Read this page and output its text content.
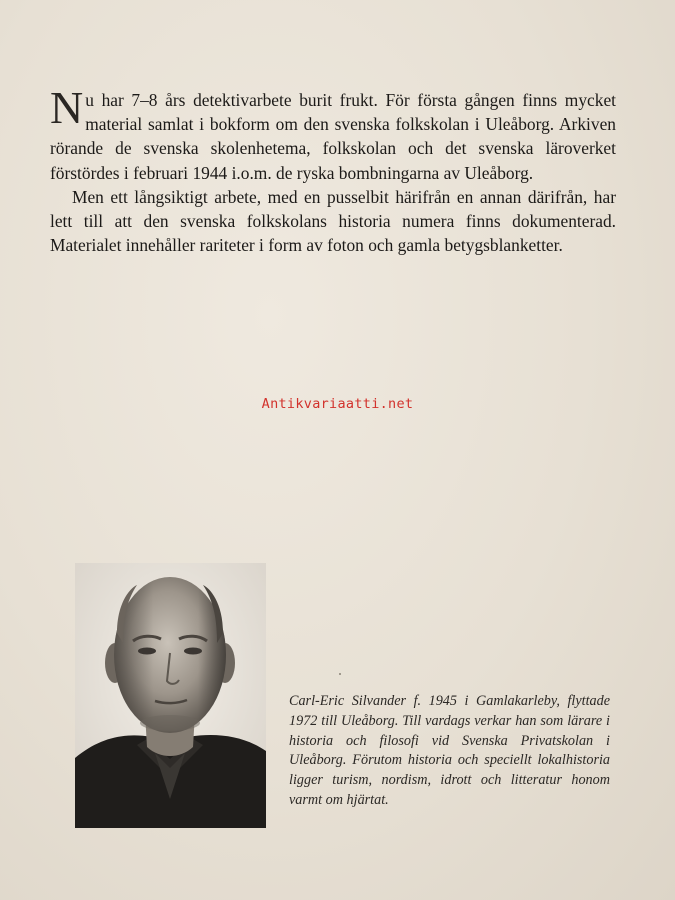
Nu har 7–8 års detektivarbete burit frukt. För första gången finns mycket material samlat i bokform om den svenska folkskolan i Uleåborg. Arkiven rörande de svenska skolenhetema, folkskolan och det svenska läroverket förstördes i februari 1944 i.o.m. de ryska bombningarna av Uleåborg.

Men ett långsiktigt arbete, med en pusselbit härifrån en annan därifrån, har lett till att den svenska folkskolans historia numera finns dokumenterad. Materialet innehåller rariteter i form av foton och gamla betygsblanketter.

Antikvariaatti.net
Carl-Eric Silvander f. 1945 i Gamlakarleby, flyttade 1972 till Uleåborg. Till vardags verkar han som lärare i historia och filosofi vid Svenska Privatskolan i Uleåborg. Förutom historia och speciellt lokalhistoria ligger turism, nordism, idrott och litteratur honom varmt om hjärtat.
